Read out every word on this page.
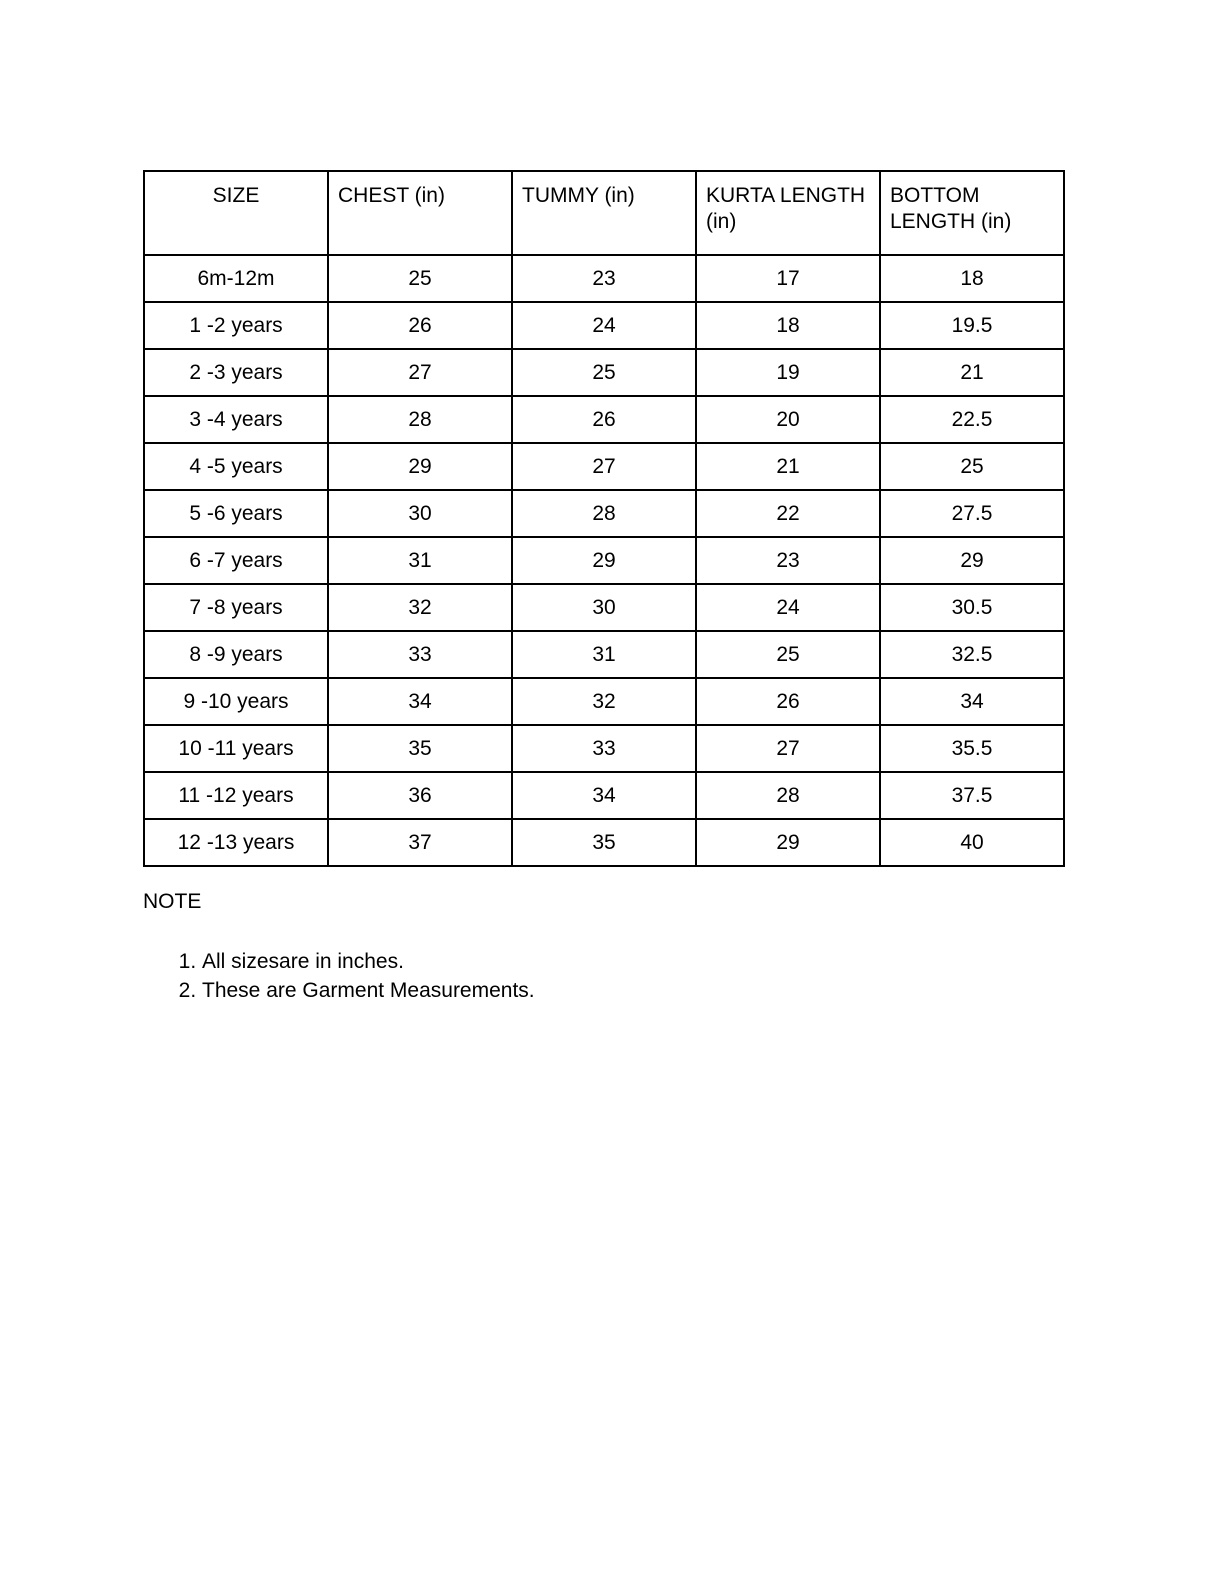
SIZE	CHEST (in)	TUMMY (in)	KURTA LENGTH (in)	BOTTOM LENGTH (in)
6m-12m	25	23	17	18
1 -2 years	26	24	18	19.5
2 -3 years	27	25	19	21
3 -4 years	28	26	20	22.5
4 -5 years	29	27	21	25
5 -6 years	30	28	22	27.5
6 -7 years	31	29	23	29
7 -8 years	32	30	24	30.5
8 -9 years	33	31	25	32.5
9 -10 years	34	32	26	34
10 -11 years	35	33	27	35.5
11 -12 years	36	34	28	37.5
12 -13 years	37	35	29	40
NOTE
1. All sizesare in inches.
2. These are Garment Measurements.
